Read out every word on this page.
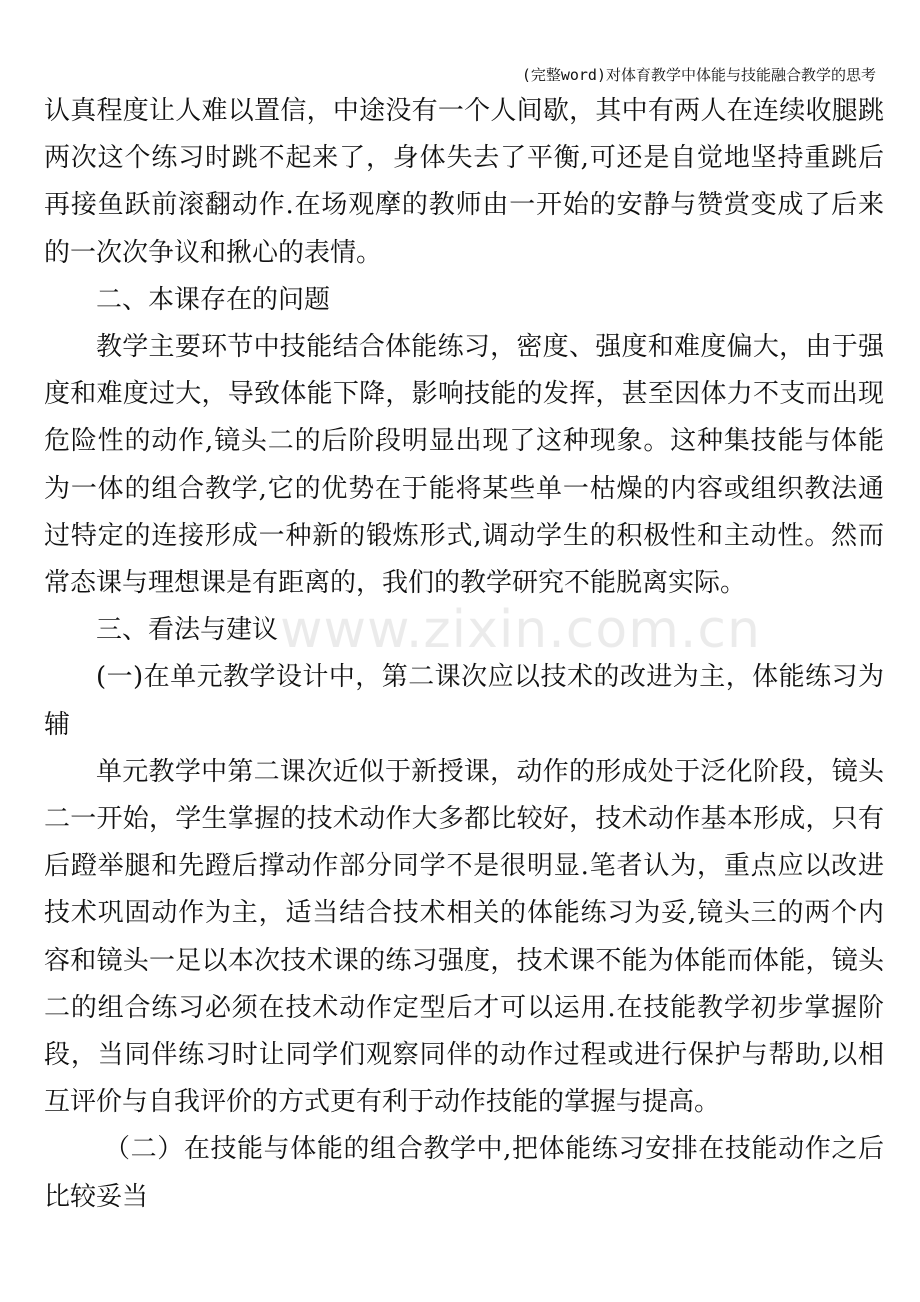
(完整word)对体育教学中体能与技能融合教学的思考
www.zixin.com.cn

认真程度让人难以置信，中途没有一个人间歇，其中有两人在连续收腿跳两次这个练习时跳不起来了，身体失去了平衡,可还是自觉地坚持重跳后再接鱼跃前滚翻动作.在场观摩的教师由一开始的安静与赞赏变成了后来的一次次争议和揪心的表情。

二、本课存在的问题

教学主要环节中技能结合体能练习，密度、强度和难度偏大，由于强度和难度过大，导致体能下降，影响技能的发挥，甚至因体力不支而出现危险性的动作,镜头二的后阶段明显出现了这种现象。这种集技能与体能为一体的组合教学,它的优势在于能将某些单一枯燥的内容或组织教法通过特定的连接形成一种新的锻炼形式,调动学生的积极性和主动性。然而常态课与理想课是有距离的，我们的教学研究不能脱离实际。

三、看法与建议

(一)在单元教学设计中，第二课次应以技术的改进为主，体能练习为辅

单元教学中第二课次近似于新授课，动作的形成处于泛化阶段，镜头二一开始，学生掌握的技术动作大多都比较好，技术动作基本形成，只有后蹬举腿和先蹬后撑动作部分同学不是很明显.笔者认为，重点应以改进技术巩固动作为主，适当结合技术相关的体能练习为妥,镜头三的两个内容和镜头一足以本次技术课的练习强度，技术课不能为体能而体能，镜头二的组合练习必须在技术动作定型后才可以运用.在技能教学初步掌握阶段，当同伴练习时让同学们观察同伴的动作过程或进行保护与帮助,以相互评价与自我评价的方式更有利于动作技能的掌握与提高。

（二）在技能与体能的组合教学中,把体能练习安排在技能动作之后比较妥当
